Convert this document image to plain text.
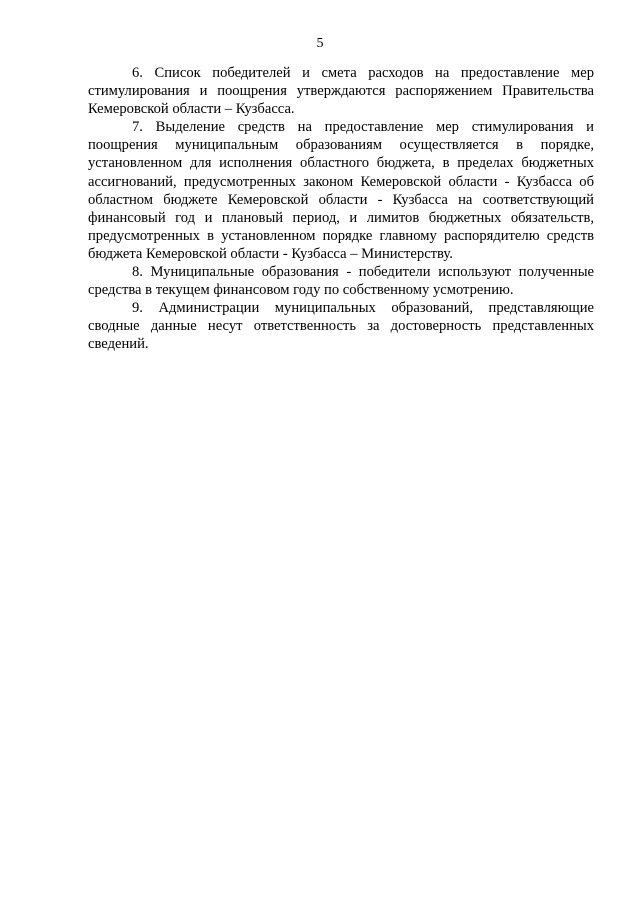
5

6. Список победителей и смета расходов на предоставление мер стимулирования и поощрения утверждаются распоряжением Правительства Кемеровской области – Кузбасса.

7. Выделение средств на предоставление мер стимулирования и поощрения муниципальным образованиям осуществляется в порядке, установленном для исполнения областного бюджета, в пределах бюджетных ассигнований, предусмотренных законом Кемеровской области - Кузбасса об областном бюджете Кемеровской области - Кузбасса на соответствующий финансовый год и плановый период, и лимитов бюджетных обязательств, предусмотренных в установленном порядке главному распорядителю средств бюджета Кемеровской области - Кузбасса – Министерству.

8. Муниципальные образования - победители используют полученные средства в текущем финансовом году по собственному усмотрению.

9. Администрации муниципальных образований, представляющие сводные данные несут ответственность за достоверность представленных сведений.
